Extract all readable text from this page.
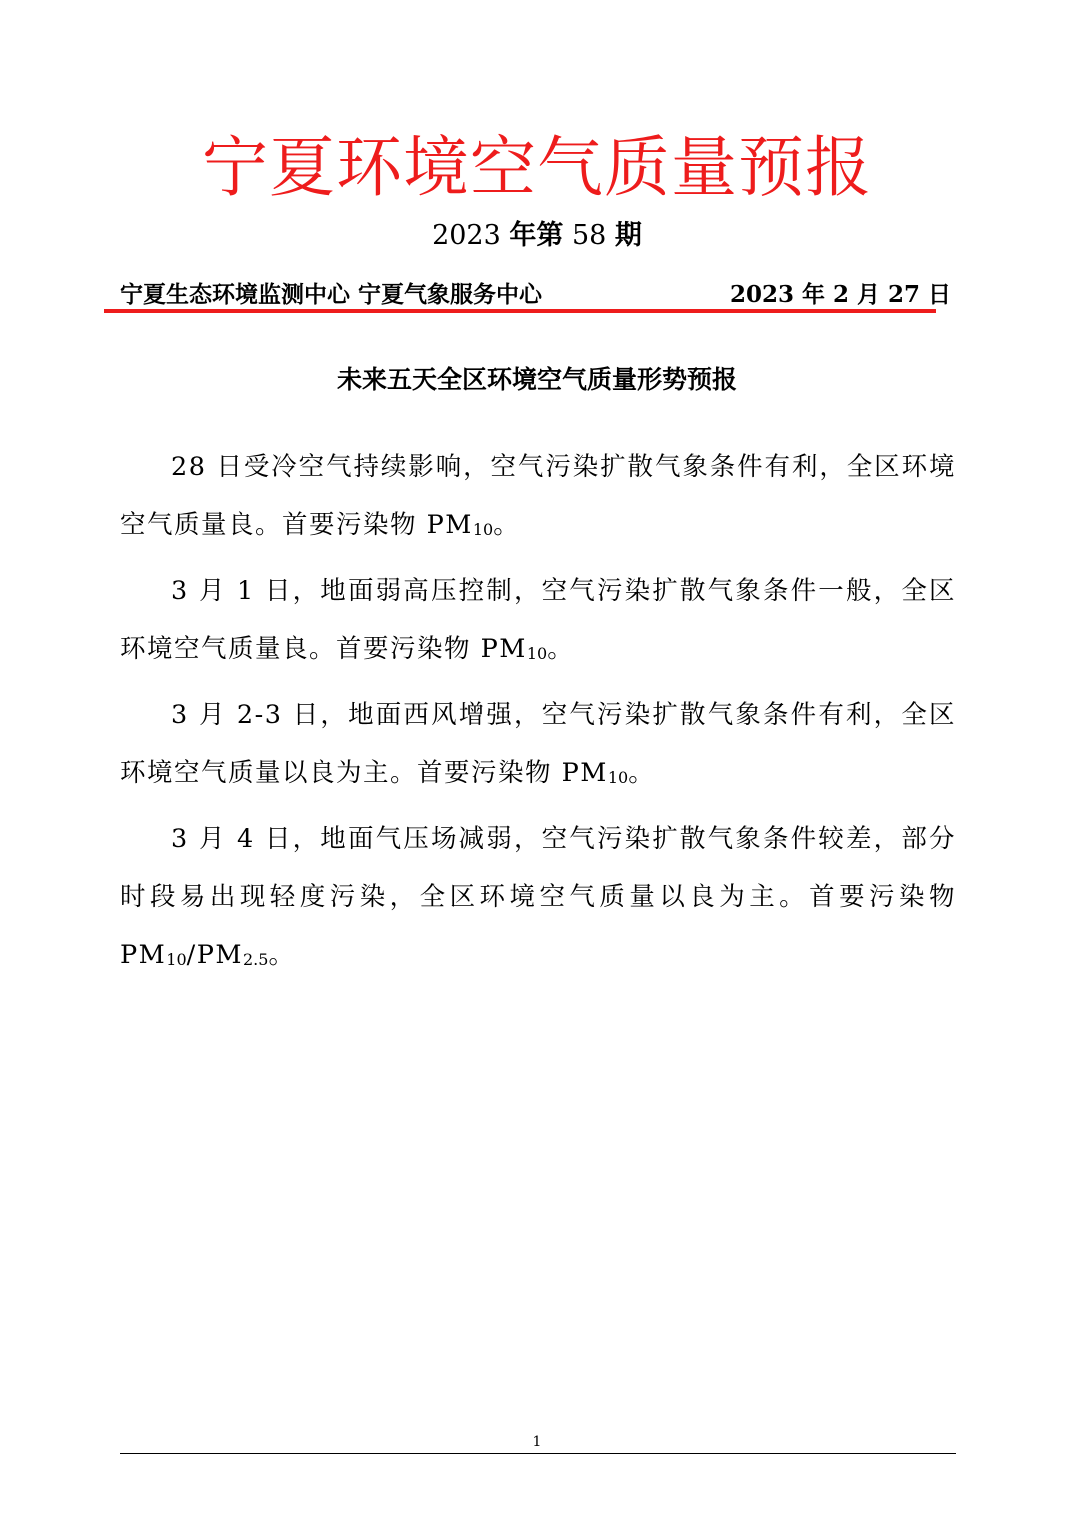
宁夏环境空气质量预报
2023 年第 58 期
宁夏生态环境监测中心 宁夏气象服务中心	2023 年 2 月 27 日
未来五天全区环境空气质量形势预报

28 日受冷空气持续影响，空气污染扩散气象条件有利，全区环境空气质量良。首要污染物 $PM_{10}$。

3 月 1 日，地面弱高压控制，空气污染扩散气象条件一般，全区环境空气质量良。首要污染物 $PM_{10}$。

3 月 2-3 日，地面西风增强，空气污染扩散气象条件有利，全区环境空气质量以良为主。首要污染物 $PM_{10}$。

3 月 4 日，地面气压场减弱，空气污染扩散气象条件较差，部分时段易出现轻度污染，全区环境空气质量以良为主。首要污染物 $PM_{10}/PM_{2.5}$。

1
